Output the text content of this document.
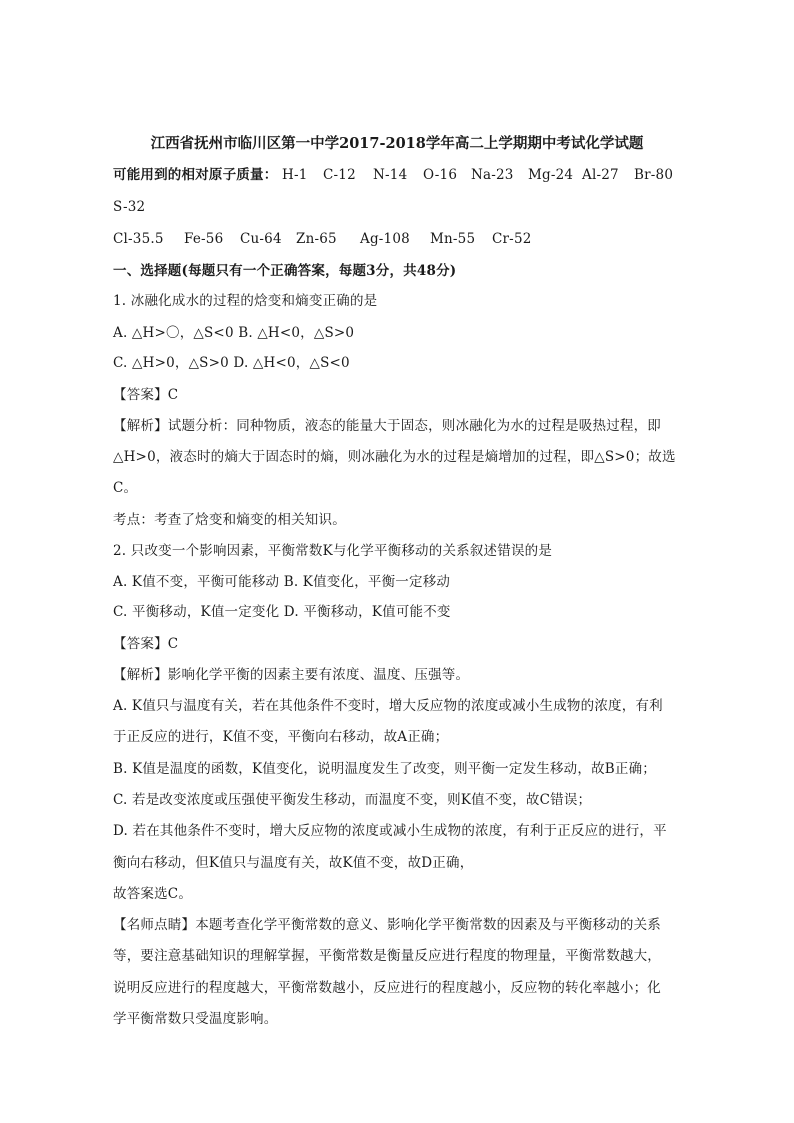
江西省抚州市临川区第一中学2017-2018学年高二上学期期中考试化学试题
可能用到的相对原子质量： H-1 C-12 N-14 O-16 Na-23 Mg-24 Al-27 Br-80
S-32
Cl-35.5 Fe-56 Cu-64 Zn-65 Ag-108 Mn-55 Cr-52
一、选择题(每题只有一个正确答案，每题3分，共48分)
1. 冰融化成水的过程的焓变和熵变正确的是
A. △H>〇，△S<0 B. △H<0，△S>0
C. △H>0，△S>0 D. △H<0，△S<0
【答案】C
【解析】试题分析：同种物质，液态的能量大于固态，则冰融化为水的过程是吸热过程，即
△H>0，液态时的熵大于固态时的熵，则冰融化为水的过程是熵增加的过程，即△S>0；故选
C。
考点：考查了焓变和熵变的相关知识。
2. 只改变一个影响因素，平衡常数K与化学平衡移动的关系叙述错误的是
A. K值不变，平衡可能移动 B. K值变化，平衡一定移动
C. 平衡移动，K值一定变化 D. 平衡移动，K值可能不变
【答案】C
【解析】影响化学平衡的因素主要有浓度、温度、压强等。
A. K值只与温度有关，若在其他条件不变时，增大反应物的浓度或减小生成物的浓度，有利
于正反应的进行，K值不变，平衡向右移动，故A正确；
B. K值是温度的函数，K值变化，说明温度发生了改变，则平衡一定发生移动，故B正确；
C. 若是改变浓度或压强使平衡发生移动，而温度不变，则K值不变，故C错误；
D. 若在其他条件不变时，增大反应物的浓度或减小生成物的浓度，有利于正反应的进行，平
衡向右移动，但K值只与温度有关，故K值不变，故D正确，
故答案选C。
【名师点睛】本题考查化学平衡常数的意义、影响化学平衡常数的因素及与平衡移动的关系
等，要注意基础知识的理解掌握，平衡常数是衡量反应进行程度的物理量，平衡常数越大，
说明反应进行的程度越大，平衡常数越小，反应进行的程度越小，反应物的转化率越小；化
学平衡常数只受温度影响。
